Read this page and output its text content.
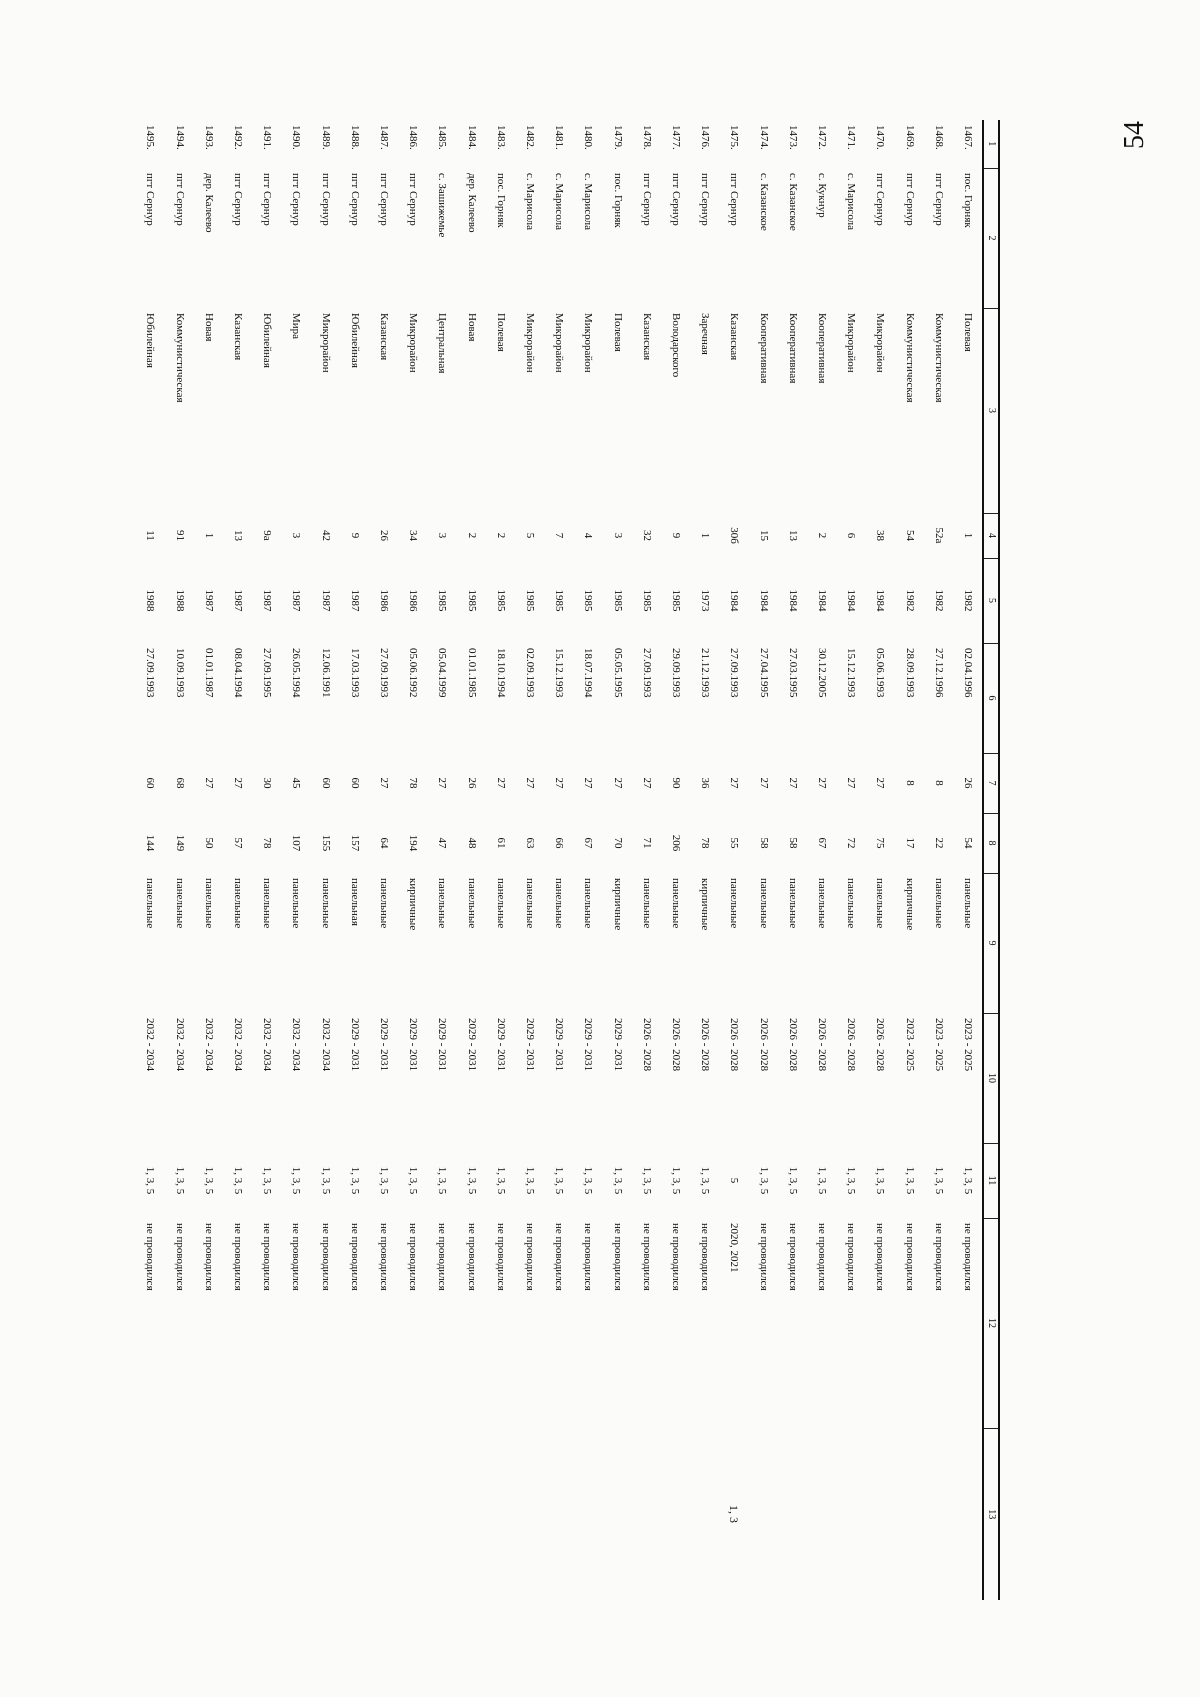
54
1	2	3	4	5	6	7	8	9	10	11	12	13
1467.	пос. Горняк	Полевая	1	1982	02.04.1996	26	54	панельные	2023 - 2025	1, 3, 5	не проводился	
1468.	пгт Сернур	Коммунистическая	52а	1982	27.12.1996	8	22	панельные	2023 - 2025	1, 3, 5	не проводился	
1469.	пгт Сернур	Коммунистическая	54	1982	28.09.1993	8	17	кирпичные	2023 - 2025	1, 3, 5	не проводился	
1470.	пгт Сернур	Микрорайон	38	1984	05.06.1993	27	75	панельные	2026 - 2028	1, 3, 5	не проводился	
1471.	с. Марисола	Микрорайон	6	1984	15.12.1993	27	72	панельные	2026 - 2028	1, 3, 5	не проводился	
1472.	с. Кукнур	Кооперативная	2	1984	30.12.2005	27	67	панельные	2026 - 2028	1, 3, 5	не проводился	
1473.	с. Казанское	Кооперативная	13	1984	27.03.1995	27	58	панельные	2026 - 2028	1, 3, 5	не проводился	
1474.	с. Казанское	Кооперативная	15	1984	27.04.1995	27	58	панельные	2026 - 2028	1, 3, 5	не проводился	
1475.	пгт Сернур	Казанская	30б	1984	27.09.1993	27	55	панельные	2026 - 2028	5	2020, 2021	1, 3
1476.	пгт Сернур	Заречная	1	1973	21.12.1993	36	78	кирпичные	2026 - 2028	1, 3, 5	не проводился	
1477.	пгт Сернур	Володарского	9	1985	29.09.1993	90	206	панельные	2026 - 2028	1, 3, 5	не проводился	
1478.	пгт Сернур	Казанская	32	1985	27.09.1993	27	71	панельные	2026 - 2028	1, 3, 5	не проводился	
1479.	пос. Горняк	Полевая	3	1985	05.05.1995	27	70	кирпичные	2029 - 2031	1, 3, 5	не проводился	
1480.	с. Марисола	Микрорайон	4	1985	18.07.1994	27	67	панельные	2029 - 2031	1, 3, 5	не проводился	
1481.	с. Марисола	Микрорайон	7	1985	15.12.1993	27	66	панельные	2029 - 2031	1, 3, 5	не проводился	
1482.	с. Марисола	Микрорайон	5	1985	02.09.1993	27	63	панельные	2029 - 2031	1, 3, 5	не проводился	
1483.	пос. Горняк	Полевая	2	1985	18.10.1994	27	61	панельные	2029 - 2031	1, 3, 5	не проводился	
1484.	дер. Калеево	Новая	2	1985	01.01.1985	26	48	панельные	2029 - 2031	1, 3, 5	не проводился	
1485.	с. Зашижемье	Центральная	3	1985	05.04.1999	27	47	панельные	2029 - 2031	1, 3, 5	не проводился	
1486.	пгт Сернур	Микрорайон	34	1986	05.06.1992	78	194	кирпичные	2029 - 2031	1, 3, 5	не проводился	
1487.	пгт Сернур	Казанская	26	1986	27.09.1993	27	64	панельные	2029 - 2031	1, 3, 5	не проводился	
1488.	пгт Сернур	Юбилейная	9	1987	17.03.1993	60	157	панельная	2029 - 2031	1, 3, 5	не проводился	
1489.	пгт Сернур	Микрорайон	42	1987	12.06.1991	60	155	панельные	2032 - 2034	1, 3, 5	не проводился	
1490.	пгт Сернур	Мира	3	1987	26.05.1994	45	107	панельные	2032 - 2034	1, 3, 5	не проводился	
1491.	пгт Сернур	Юбилейная	9а	1987	27.09.1995	30	78	панельные	2032 - 2034	1, 3, 5	не проводился	
1492.	пгт Сернур	Казанская	13	1987	08.04.1994	27	57	панельные	2032 - 2034	1, 3, 5	не проводился	
1493.	дер. Калеево	Новая	1	1987	01.01.1987	27	50	панельные	2032 - 2034	1, 3, 5	не проводился	
1494.	пгт Сернур	Коммунистическая	91	1988	10.09.1993	68	149	панельные	2032 - 2034	1, 3, 5	не проводился	
1495.	пгт Сернур	Юбилейная	11	1988	27.09.1993	60	144	панельные	2032 - 2034	1, 3, 5	не проводился	
